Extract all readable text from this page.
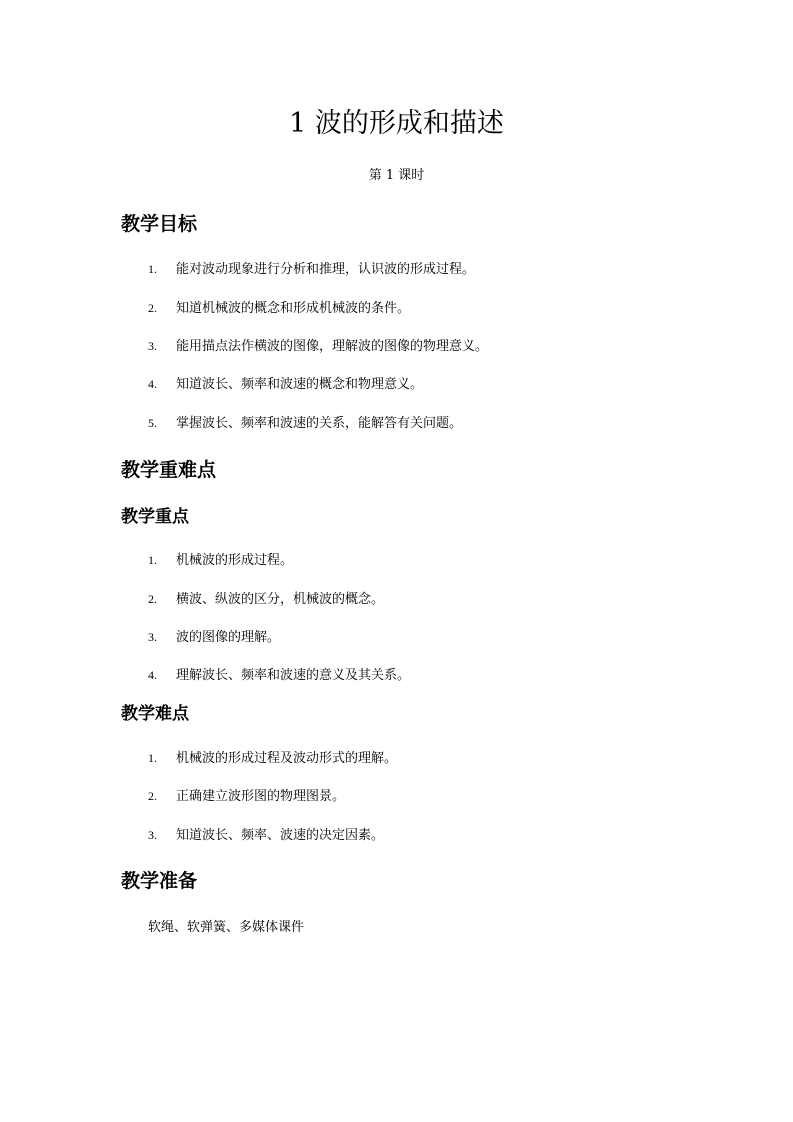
1 波的形成和描述
第 1 课时
教学目标
1. 能对波动现象进行分析和推理，认识波的形成过程。
2. 知道机械波的概念和形成机械波的条件。
3. 能用描点法作横波的图像，理解波的图像的物理意义。
4. 知道波长、频率和波速的概念和物理意义。
5. 掌握波长、频率和波速的关系，能解答有关问题。
教学重难点
教学重点
1. 机械波的形成过程。
2. 横波、纵波的区分，机械波的概念。
3. 波的图像的理解。
4. 理解波长、频率和波速的意义及其关系。
教学难点
1. 机械波的形成过程及波动形式的理解。
2. 正确建立波形图的物理图景。
3. 知道波长、频率、波速的决定因素。
教学准备
软绳、软弹簧、多媒体课件
